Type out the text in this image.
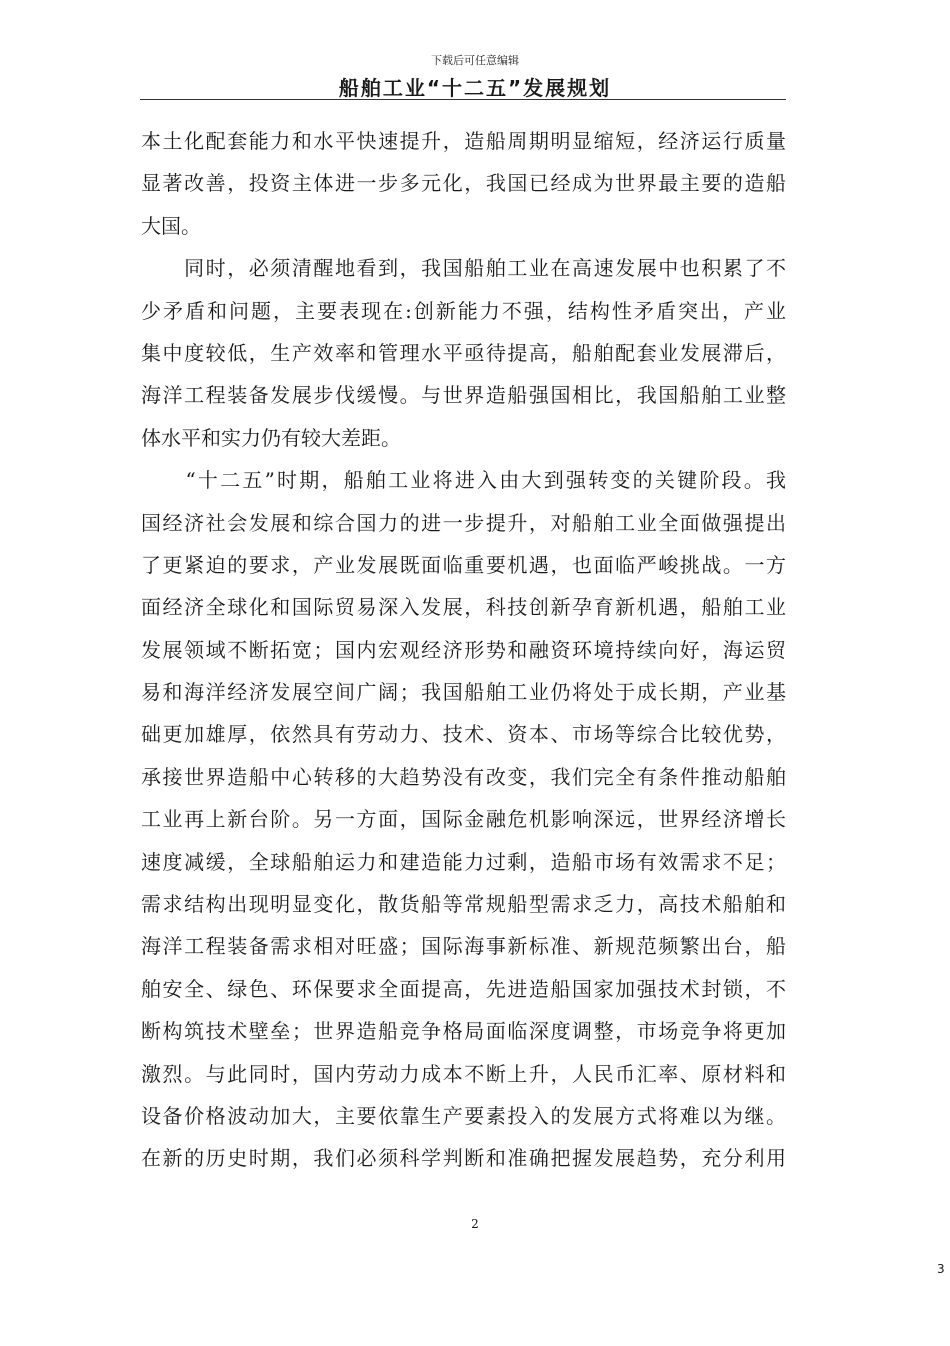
下载后可任意编辑
船舶工业“十二五”发展规划
本土化配套能力和水平快速提升，造船周期明显缩短，经济运行质量
显著改善，投资主体进一步多元化，我国已经成为世界最主要的造船
大国。
　　同时，必须清醒地看到，我国船舶工业在高速发展中也积累了不
少矛盾和问题，主要表现在:创新能力不强，结构性矛盾突出，产业
集中度较低，生产效率和管理水平亟待提高，船舶配套业发展滞后，
海洋工程装备发展步伐缓慢。与世界造船强国相比，我国船舶工业整
体水平和实力仍有较大差距。
　　“十二五”时期，船舶工业将进入由大到强转变的关键阶段。我
国经济社会发展和综合国力的进一步提升，对船舶工业全面做强提出
了更紧迫的要求，产业发展既面临重要机遇，也面临严峻挑战。一方
面经济全球化和国际贸易深入发展，科技创新孕育新机遇，船舶工业
发展领域不断拓宽；国内宏观经济形势和融资环境持续向好，海运贸
易和海洋经济发展空间广阔；我国船舶工业仍将处于成长期，产业基
础更加雄厚，依然具有劳动力、技术、资本、市场等综合比较优势，
承接世界造船中心转移的大趋势没有改变，我们完全有条件推动船舶
工业再上新台阶。另一方面，国际金融危机影响深远，世界经济增长
速度减缓，全球船舶运力和建造能力过剩，造船市场有效需求不足；
需求结构出现明显变化，散货船等常规船型需求乏力，高技术船舶和
海洋工程装备需求相对旺盛；国际海事新标准、新规范频繁出台，船
舶安全、绿色、环保要求全面提高，先进造船国家加强技术封锁，不
断构筑技术壁垒；世界造船竞争格局面临深度调整，市场竞争将更加
激烈。与此同时，国内劳动力成本不断上升，人民币汇率、原材料和
设备价格波动加大，主要依靠生产要素投入的发展方式将难以为继。
在新的历史时期，我们必须科学判断和准确把握发展趋势，充分利用
2
3
